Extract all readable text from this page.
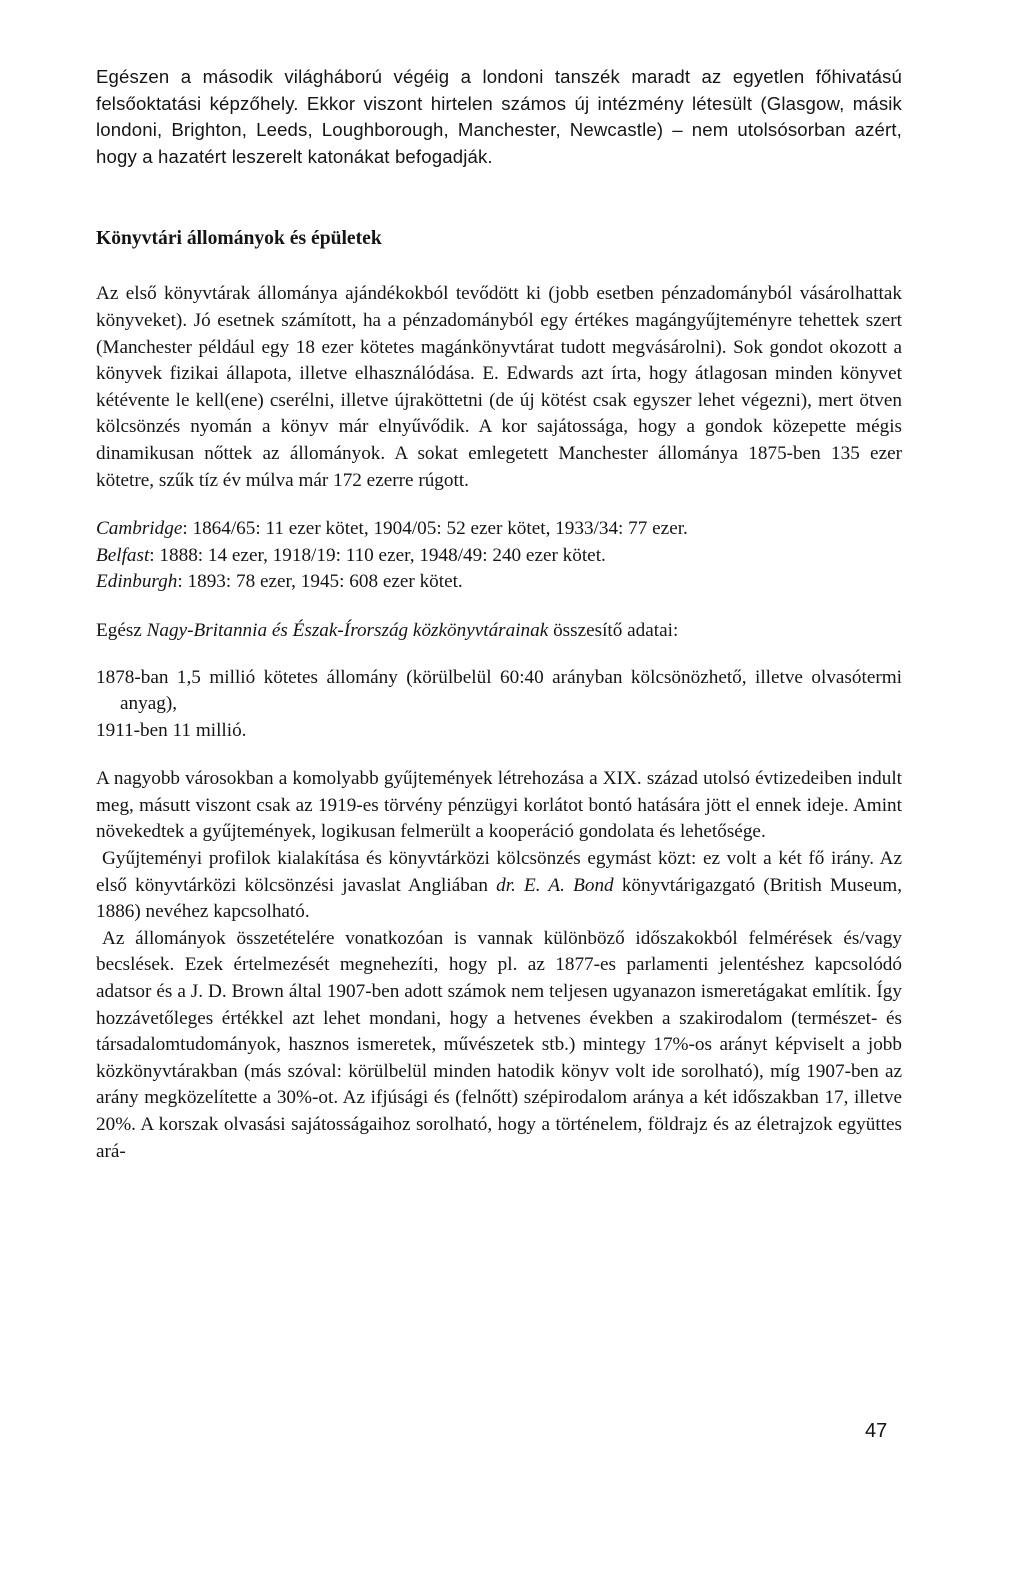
Egészen a második világháború végéig a londoni tanszék maradt az egyetlen főhivatású felsőoktatási képzőhely. Ekkor viszont hirtelen számos új intézmény létesült (Glasgow, másik londoni, Brighton, Leeds, Loughborough, Manchester, Newcastle) – nem utolsósorban azért, hogy a hazatért leszerelt katonákat befogadják.

Könyvtári állományok és épületek

Az első könyvtárak állománya ajándékokból tevődött ki (jobb esetben pénzadományból vásárolhattak könyveket). Jó esetnek számított, ha a pénzadományból egy értékes magángyűjteményre tehettek szert (Manchester például egy 18 ezer kötetes magánkönyvtárat tudott megvásárolni). Sok gondot okozott a könyvek fizikai állapota, illetve elhasználódása. E. Edwards azt írta, hogy átlagosan minden könyvet kétévente le kell(ene) cserélni, illetve újraköttetni (de új kötést csak egyszer lehet végezni), mert ötven kölcsönzés nyomán a könyv már elnyűvődik. A kor sajátossága, hogy a gondok közepette mégis dinamikusan nőttek az állományok. A sokat emlegetett Manchester állománya 1875-ben 135 ezer kötetre, szűk tíz év múlva már 172 ezerre rúgott.

Cambridge: 1864/65: 11 ezer kötet, 1904/05: 52 ezer kötet, 1933/34: 77 ezer.

Belfast: 1888: 14 ezer, 1918/19: 110 ezer, 1948/49: 240 ezer kötet.

Edinburgh: 1893: 78 ezer, 1945: 608 ezer kötet.

Egész Nagy-Britannia és Észak-Írország közkönyvtárainak összesítő adatai:

1878-ban 1,5 millió kötetes állomány (körülbelül 60:40 arányban kölcsönözhető, illetve olvasótermi anyag),

1911-ben 11 millió.

A nagyobb városokban a komolyabb gyűjtemények létrehozása a XIX. század utolsó évtizedeiben indult meg, másutt viszont csak az 1919-es törvény pénzügyi korlátot bontó hatására jött el ennek ideje. Amint növekedtek a gyűjtemények, logikusan felmerült a kooperáció gondolata és lehetősége.

Gyűjteményi profilok kialakítása és könyvtárközi kölcsönzés egymást közt: ez volt a két fő irány. Az első könyvtárközi kölcsönzési javaslat Angliában dr. E. A. Bond könyvtárigazgató (British Museum, 1886) nevéhez kapcsolható.

Az állományok összetételére vonatkozóan is vannak különböző időszakokból felmérések és/vagy becslések. Ezek értelmezését megnehezíti, hogy pl. az 1877-es parlamenti jelentéshez kapcsolódó adatsor és a J. D. Brown által 1907-ben adott számok nem teljesen ugyanazon ismeretágakat említik. Így hozzávetőleges értékkel azt lehet mondani, hogy a hetvenes években a szakirodalom (természet- és társadalomtudományok, hasznos ismeretek, művészetek stb.) mintegy 17%-os arányt képviselt a jobb közkönyvtárakban (más szóval: körülbelül minden hatodik könyv volt ide sorolható), míg 1907-ben az arány megközelítette a 30%-ot. Az ifjúsági és (felnőtt) szépirodalom aránya a két időszakban 17, illetve 20%. A korszak olvasási sajátosságaihoz sorolható, hogy a történelem, földrajz és az életrajzok együttes ará-

47
